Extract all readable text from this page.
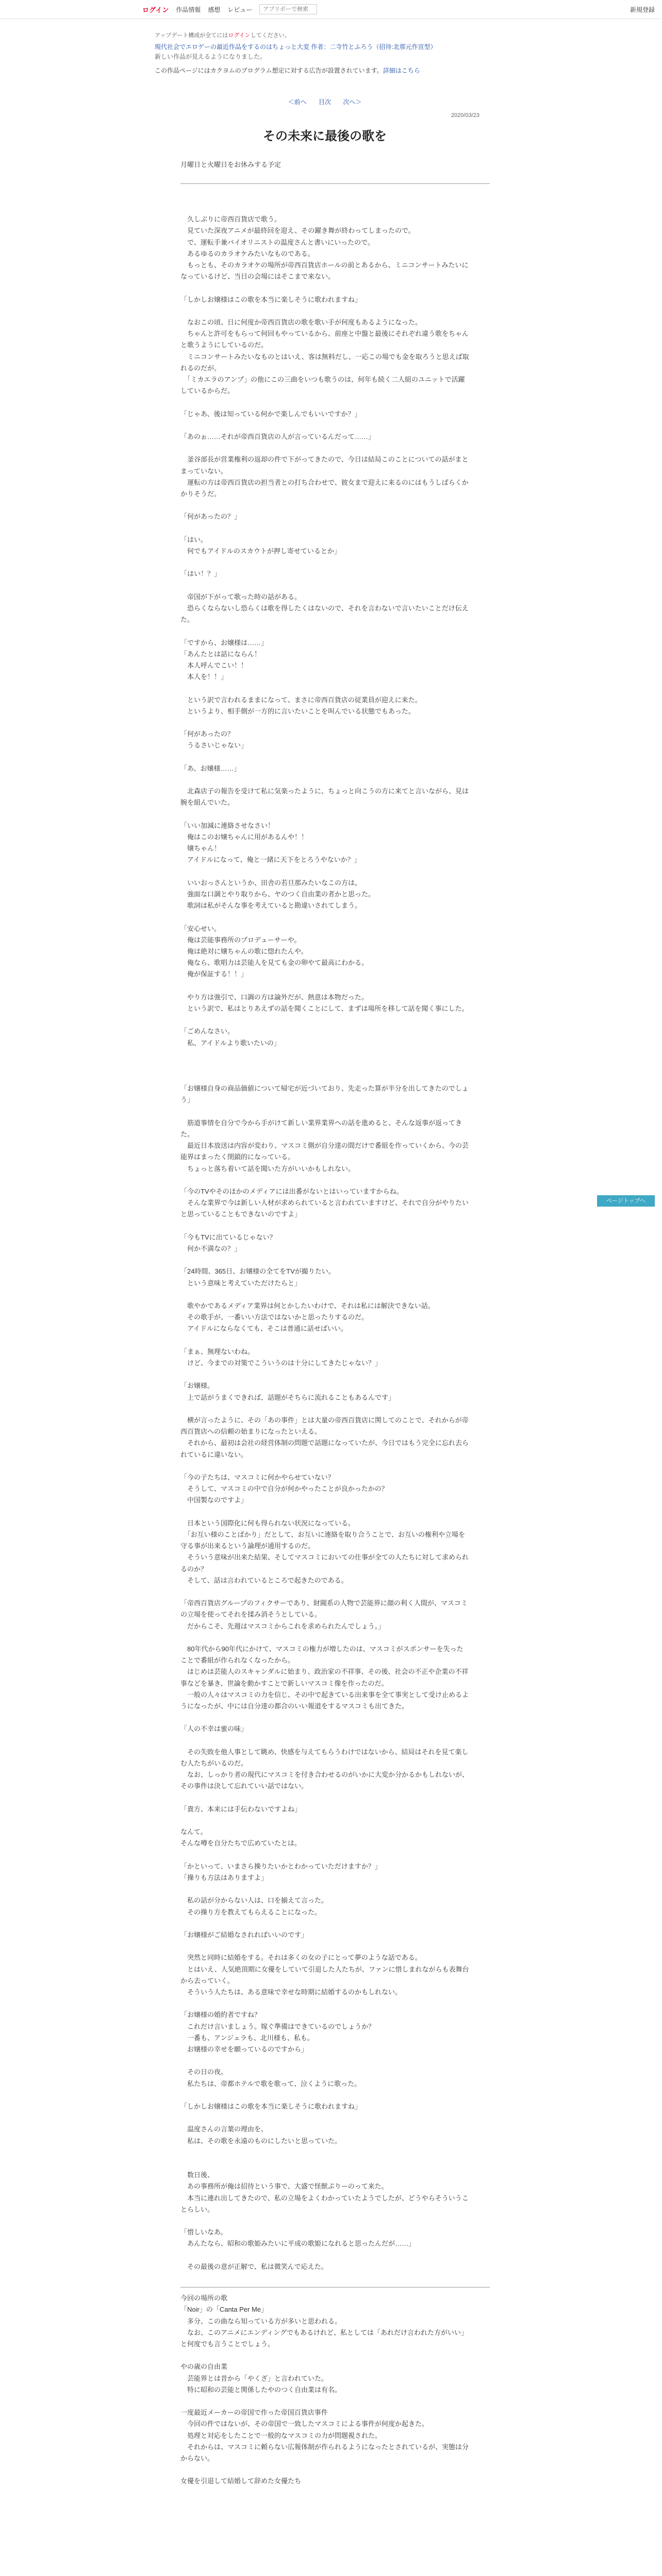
ログイン 作品情報 感想 レビュー
アプリボーで検索	新規登録
アップデート構成が全てにはログインしてください。
現代社会でエロゲーの最近作品をするのはちょっと大変 作者：二寺竹とふろう（招待:北那元作宣型）
新しい作品が見えるようになりました。
この作品ページにはカクヨムのプログラム想定に対する広告が設置されています。詳細はこちら
＜前へ 目次 次へ＞
2020/03/23
その未来に最後の歌を
月曜日と火曜日をお休みする予定

　久しぶりに帝西百貨店で歌う。

　見ていた深夜アニメが最終回を迎え、その躍き舞が終わってしまったので。

　で、運転手兼バイオリニストの温度さんと書いにいったので。

　あるゆるのカラオケみたいなものである。

　もっとも、そのカラオケの場所が帝西百貨店ホールの前とあるから、ミニコンサートみたいになっているけど、当日の会場にはそこまで来ない。

「しかしお嬢様はこの歌を本当に楽しそうに歌われますね」

　なおこの頃、日に何度か帝西百貨店の歌を歌い手が何度もあるようになった。

　ちゃんと許可をもらって何回もやっているから、前座と中盤と最後にそれぞれ違う歌をちゃんと歌うようにしているのだ。

　ミニコンサートみたいなものとはいえ、客は無料だし、一応この場でも金を取ろうと思えば取れるのだが。

　「ミカエラのアンプ」の他にこの三曲をいつも歌うのは、何年も続く二人組のユニットで活躍しているからだ。

「じゃあ、後は知っている何かで楽しんでもいいですか？」

「あのぉ……それが帝西百貨店の人が言っているんだって……」

　釜谷部長が営業権利の返却の件で下がってきたので、今日は結局このことについての話がまとまっていない。

　運転の方は帝西百貨店の担当者との打ち合わせで、彼女まで迎えに来るのにはもうしばらくかかりそうだ。

「何があったの？」

「はい。

　何でもアイドルのスカウトが押し寄せているとか」

「はい！？」

　帝国が下がって歌った時の話がある。

　恐らくならないし恐らくは歌を得したくはないので、それを言わないで言いたいことだけ伝えた。

「ですから、お嬢様は……」

「あんたとは話にならん！

　本人呼んでこい！！

　本人を！！」

　という訳で言われるままになって、まさに帝西百貨店の従業員が迎えに来た。

　というより、相手側が一方的に言いたいことを叫んでいる状態でもあった。

「何があったの？

　うるさいじゃない」

「あ、お嬢様……」

　北森店子の報告を受けて私に気楽ったように、ちょっと向こうの方に来てと言いながら、見は腕を組んでいた。

「いい加減に連絡させなさい！

　俺はこのお嬢ちゃんに用があるんや！！

　嬢ちゃん！

　アイドルになって、俺と一緒に天下をとろうやないか？」

　いいおっさんというか、田舎の若旦那みたいなこの方は。

　強面な口調とやり取りから、ヤのつく自由業の者かと思った。

　歌詞は私がそんな事を考えていると勘違いされてしまう。

「安心せい。

　俺は芸能事務所のプロデューサーや。

　俺は絶対に嬢ちゃんの歌に惚れたんや。

　俺なら、歌唱力は芸能人を見ても金の卵やて最高にわかる。

　俺が保証する！！」

　やり方は強引で、口調の方は論外だが、熱意は本物だった。

　という訳で、私はとりあえずの話を聞くことにして、まずは場所を移して話を聞く事にした。

「ごめんなさい。

　私、アイドルより歌いたいの」

「お嬢様自身の商品価値について帰宅が近づいており、先走った算が半分を出してきたのでしょう」

　筋道事情を自分で今から手がけて新しい業界業界への話を進めると、そんな返事が返ってきた。

　最近日本放送は内容が変わり、マスコミ側が自分達の間だけで番組を作っていくから、今の芸能界はまったく閉鎖的になっている。

　ちょっと落ち着いて話を聞いた方がいいかもしれない。

「今のTVやそのほかのメディアには出番がないとはいっていますからね。

　そんな業界で今は新しい人材が求められていると言われていますけど、それで自分がやりたいと思っていることもできないのですよ」

「今もTVに出ているじゃない？

　何か不満なの？」

「24時間、365日、お嬢様の全てをTVが撮りたい。

　という意味と考えていただけたらと」

　歌やかであるメディア業界は何とかしたいわけで、それは私には解決できない話。

　その歌手が、一番いい方法ではないかと思ったりするのだ。

　アイドルにならなくても、そこは普通に話せばいい。

「まぁ、無理ないわね。

　けど、今までの対策でこういうのは十分にしてきたじゃない？」

「お嬢様。

　上で話がうまくできれば、話題がそちらに流れることもあるんです」

　横が言ったように、その「あの事件」とは大量の帝西百貨店に関してのことで、それからが帝西百貨店への信頼の始まりになったといえる。

　それから、最初は会社の経営体制の問題で話題になっていたが、今日ではもう完全に忘れ去られているに違いない。

「今の子たちは、マスコミに何かやらせていない？

　そうして、マスコミの中で自分が何かやったことが良かったかの？

　中国製なのですよ」

　日本という国際化に何も得られない状況になっている。

　「お互い様のことばかり」だとして、お互いに連絡を取り合うことで、お互いの権利や立場を守る事が出来るという論理が通用するのだ。

　そういう意味が出来た結果、そしてマスコミにおいての仕事が全ての人たちに対して求められるのか？

　そして、話は言われているところで起きたのである。

「帝西百貨店グループのフィクサーであり、財閥系の人物で芸能界に顔の利く人間が、マスコミの立場を使ってそれを揉み消そうとしている。

　だからこそ、先週はマスコミからこれを求められたんでしょう。」

　80年代から90年代にかけて、マスコミの権力が増したのは、マスコミがスポンサーを失ったことで番組が作られなくなったから。

　はじめは芸能人のスキャンダルに始まり、政治家の不祥事、その後、社会の不正や企業の不祥事などを暴き、世論を動かすことで新しいマスコミ像を作ったのだ。

　一般の人々はマスコミの力を信じ、その中で起きている出来事を全て事実として受け止めるようになったが、中には自分達の都合のいい報道をするマスコミも出てきた。

「人の不幸は蜜の味」

　その失敗を他人事として眺め、快感を与えてもらうわけではないから、結局はそれを見て楽しむ人たちがいるのだ。

　なお、しっかり者の現代にマスコミを付き合わせるのがいかに大変か分かるかもしれないが、その事件は決して忘れていい話ではない。

「貴方、本来には手伝わないですよね」

なんて。

そんな噂を自分たちで広めていたとは。

「かといって、いまさら操りたいかとわかっていただけますか？」

「操りも方法はありますよ」

　私の話が分からない人は、口を揃えて言った。

　その操り方を教えてもらえることになった。

「お嬢様がご結婚なされればいいのです」

　突然と同時に結婚をする。それは多くの女の子にとって夢のような話である。

　とはいえ、人気絶頂期に女優をしていて引退した人たちが、ファンに惜しまれながらも表舞台から去っていく。

　そういう人たちは、ある意味で幸せな時期に結婚するのかもしれない。

「お嬢様の婚約者ですね？

　これだけ言いましょう。嫁ぐ準備はできているのでしょうか？

　一番も、アンジェラも、北川様も、私も。

　お嬢様の幸せを願っているのですから」

　その日の夜。

　私たちは、帝都ホテルで歌を歌って、泣くように歌った。

「しかしお嬢様はこの歌を本当に楽しそうに歌われますね」

　温度さんの言葉の理由を。

　私は、その歌を永遠のものにしたいと思っていた。

　数日後、

　あの事務所が俺は招待という事で、大盛で怪獣ぷりーのって来た。

　本当に連れ出してきたので、私の立場をよくわかっていたようでしたが、どうやらそういうことらしい。

「惜しいなあ。

　あんたなら、昭和の歌姫みたいに平成の歌姫になれると思ったんだが……」

　その最後の意が正解で、私は微笑んで応えた。

今回の場所の歌

「Noir」の「Canta Per Me」

　多分、この曲なら知っている方が多いと思われる。

　なお、このアニメにエンディングでもあるけれど、私としては「あれだけ言われた方がいい」と何度でも言うことでしょう。

やの歳の自由業

　芸能界とは昔から「やくざ」と言われていた。

　特に昭和の芸能と関係したやのつく自由業は有名。

一度最近メーカーの帝国で作った帝国百貨店事件

　今回の件ではないが、その帝国で一致したマスコミによる事件が何度か起きた。

　処理と対応をしたことで一般的なマスコミの力が問題視された。

　それからは、マスコミに頼らない広報体制が作られるようになったとされているが、実態は分からない。

女優を引退して結婚して辞めた女優たち

ページトップへ
